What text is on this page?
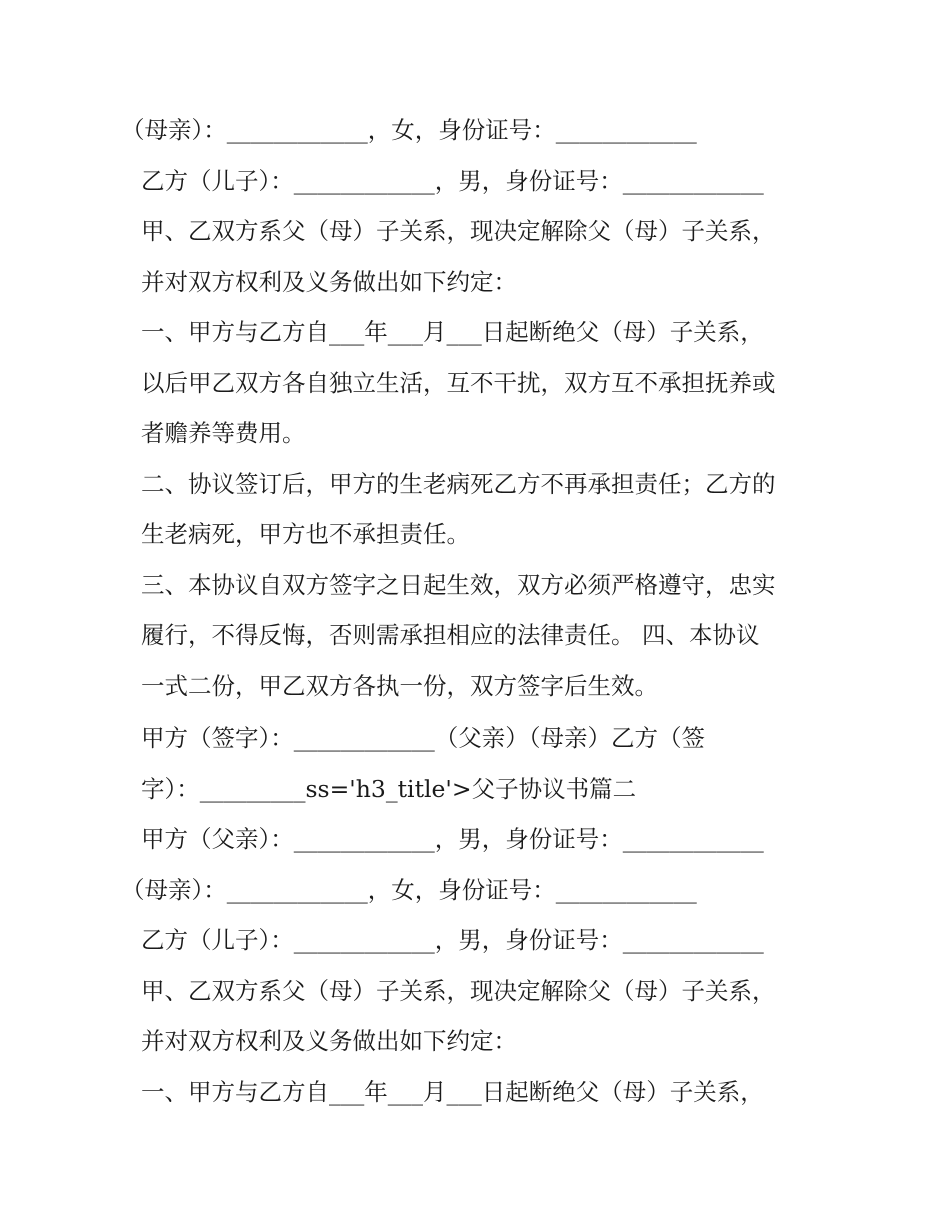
（母亲）：____________，女，身份证号：____________
乙方（儿子）：____________，男，身份证号：____________
甲、乙双方系父（母）子关系，现决定解除父（母）子关系，
并对双方权利及义务做出如下约定：
一、甲方与乙方自___年___月___日起断绝父（母）子关系，
以后甲乙双方各自独立生活，互不干扰，双方互不承担抚养或
者赡养等费用。
二、协议签订后，甲方的生老病死乙方不再承担责任；乙方的
生老病死，甲方也不承担责任。
三、本协议自双方签字之日起生效，双方必须严格遵守，忠实
履行，不得反悔，否则需承担相应的法律责任。 四、本协议
一式二份，甲乙双方各执一份，双方签字后生效。
甲方（签字）：____________（父亲）（母亲）乙方（签
字）：_________ss='h3_title'>父子协议书篇二
甲方（父亲）：____________，男，身份证号：____________
（母亲）：____________，女，身份证号：____________
乙方（儿子）：____________，男，身份证号：____________
甲、乙双方系父（母）子关系，现决定解除父（母）子关系，
并对双方权利及义务做出如下约定：
一、甲方与乙方自___年___月___日起断绝父（母）子关系，
